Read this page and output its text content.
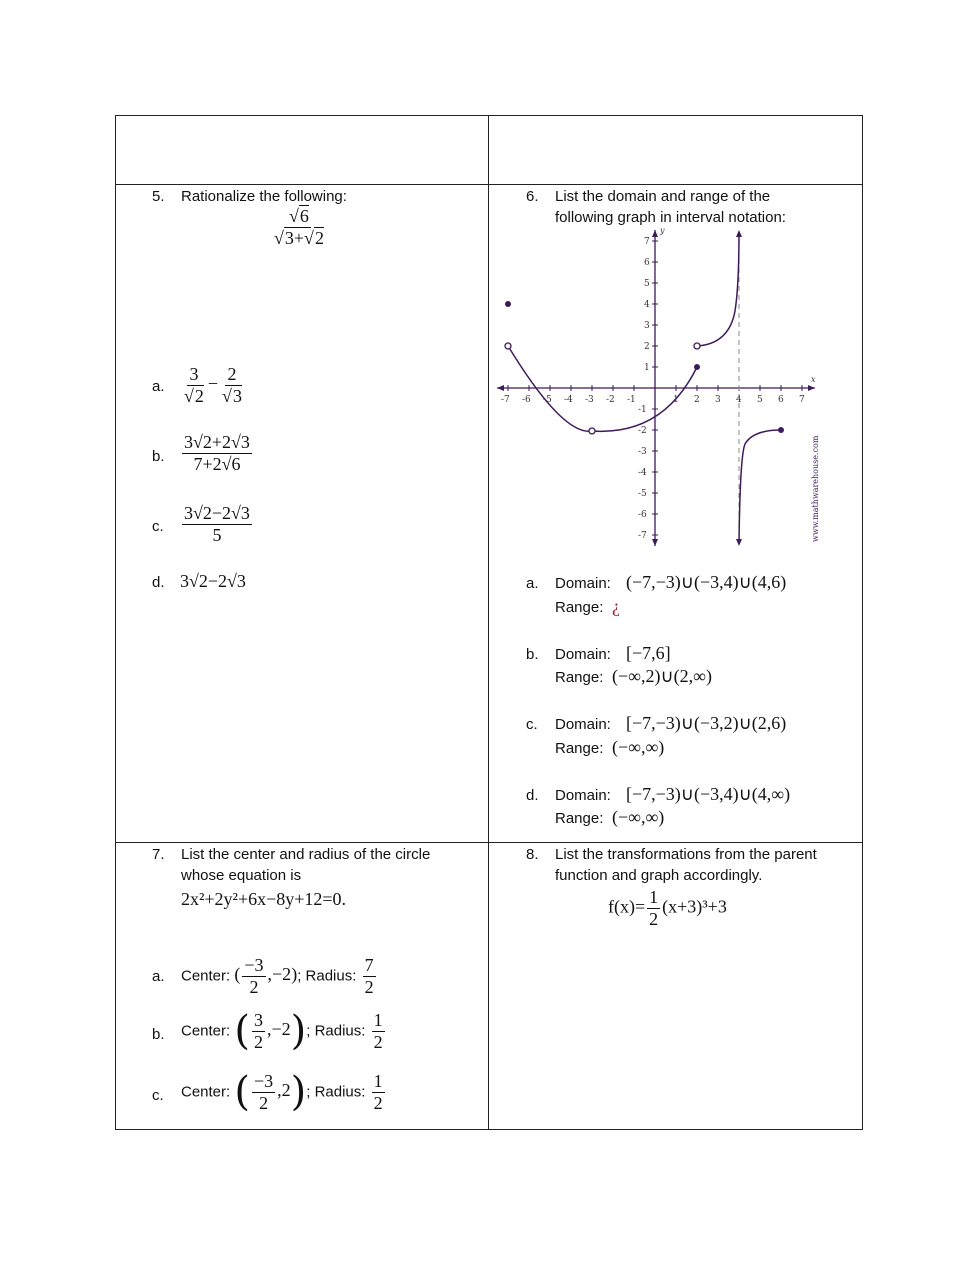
5. Rationalize the following:
$\frac{√6}{√3+√2}$
a. $\frac{3}{√2} - \frac{2}{√3}$
b. $\frac{3√2+2√3}{7+2√6}$
c. $\frac{3√2-2√3}{5}$
d. 3√2−2√3
6. List the domain and range of the
following graph in interval notation:
-7
-7
-6
-6
-5
-5
-4
-4
-3
-3
-2
-2
-1
-1
1
1
2
2
3
3
4
4
5
5
6
6
7
7
x
y
www.mathwarehouse.com
a. Domain: (−7,−3)∪(−3,4)∪(4,6)
Range: ¿
b. Domain: [−7,6]
Range: (−∞,2)∪(2,∞)
c. Domain: [−7,−3)∪(−3,2)∪(2,6)
Range: (−∞,∞)
d. Domain: [−7,−3)∪(−3,4)∪(4,∞)
Range: (−∞,∞)
7. List the center and radius of the circle
whose equation is
2x²+2y²+6x−8y+12=0.
a. Center: ( $\frac{-3}{2} ,-2$); Radius: $\frac{7}{2}$
b. Center: ( $\frac{3}{2} ,-2$); Radius: $\frac{1}{2}$
c. Center: ( $\frac{-3}{2} ,2$); Radius: $\frac{1}{2}$
8. List the transformations from the parent
function and graph accordingly.
$f(x)= \frac{1}{2} (x+3)^3+3$
